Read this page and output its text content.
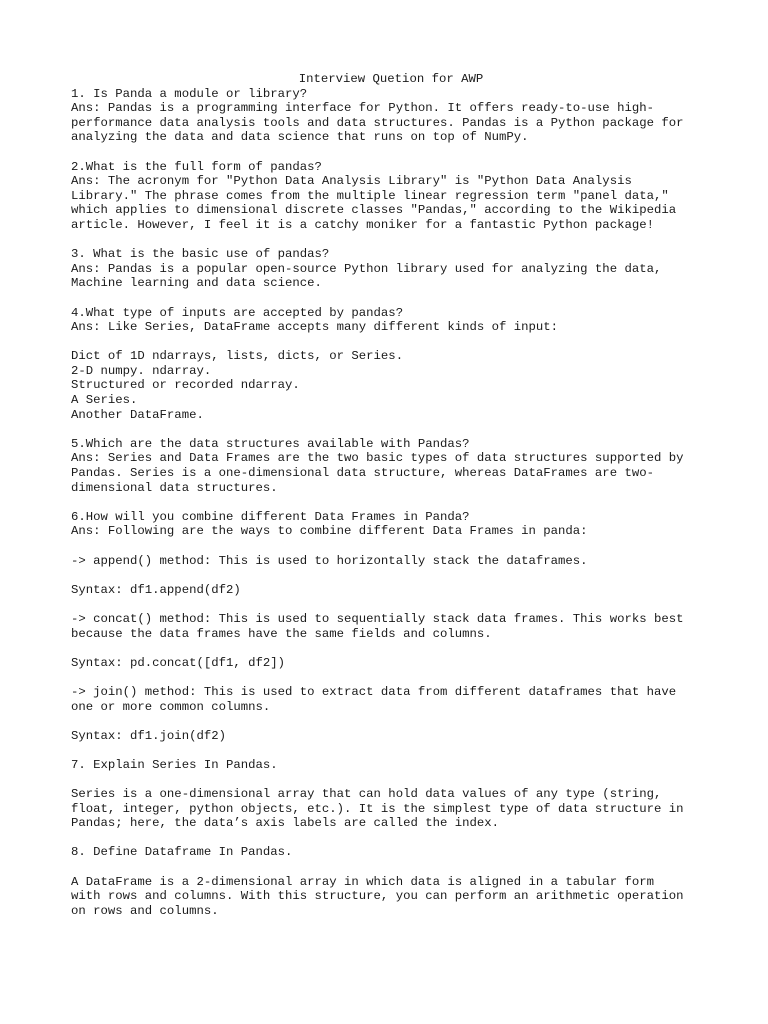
Interview Quetion for AWP
1. Is Panda a module or library?
Ans: Pandas is a programming interface for Python. It offers ready-to-use high-
performance data analysis tools and data structures. Pandas is a Python package for
analyzing the data and data science that runs on top of NumPy.
2.What is the full form of pandas?
Ans: The acronym for "Python Data Analysis Library" is "Python Data Analysis
Library." The phrase comes from the multiple linear regression term "panel data,"
which applies to dimensional discrete classes "Pandas," according to the Wikipedia
article. However, I feel it is a catchy moniker for a fantastic Python package!
3. What is the basic use of pandas?
Ans: Pandas is a popular open-source Python library used for analyzing the data,
Machine learning and data science.
4.What type of inputs are accepted by pandas?
Ans: Like Series, DataFrame accepts many different kinds of input:
Dict of 1D ndarrays, lists, dicts, or Series.
2-D numpy. ndarray.
Structured or recorded ndarray.
A Series.
Another DataFrame.
5.Which are the data structures available with Pandas?
Ans: Series and Data Frames are the two basic types of data structures supported by
Pandas. Series is a one-dimensional data structure, whereas DataFrames are two-
dimensional data structures.
6.How will you combine different Data Frames in Panda?
Ans: Following are the ways to combine different Data Frames in panda:
-> append() method: This is used to horizontally stack the dataframes.
Syntax: df1.append(df2)
-> concat() method: This is used to sequentially stack data frames. This works best
because the data frames have the same fields and columns.
Syntax: pd.concat([df1, df2])
-> join() method: This is used to extract data from different dataframes that have
one or more common columns.
Syntax: df1.join(df2)
7. Explain Series In Pandas.
Series is a one-dimensional array that can hold data values of any type (string,
float, integer, python objects, etc.). It is the simplest type of data structure in
Pandas; here, the data’s axis labels are called the index.
8. Define Dataframe In Pandas.
A DataFrame is a 2-dimensional array in which data is aligned in a tabular form
with rows and columns. With this structure, you can perform an arithmetic operation
on rows and columns.
